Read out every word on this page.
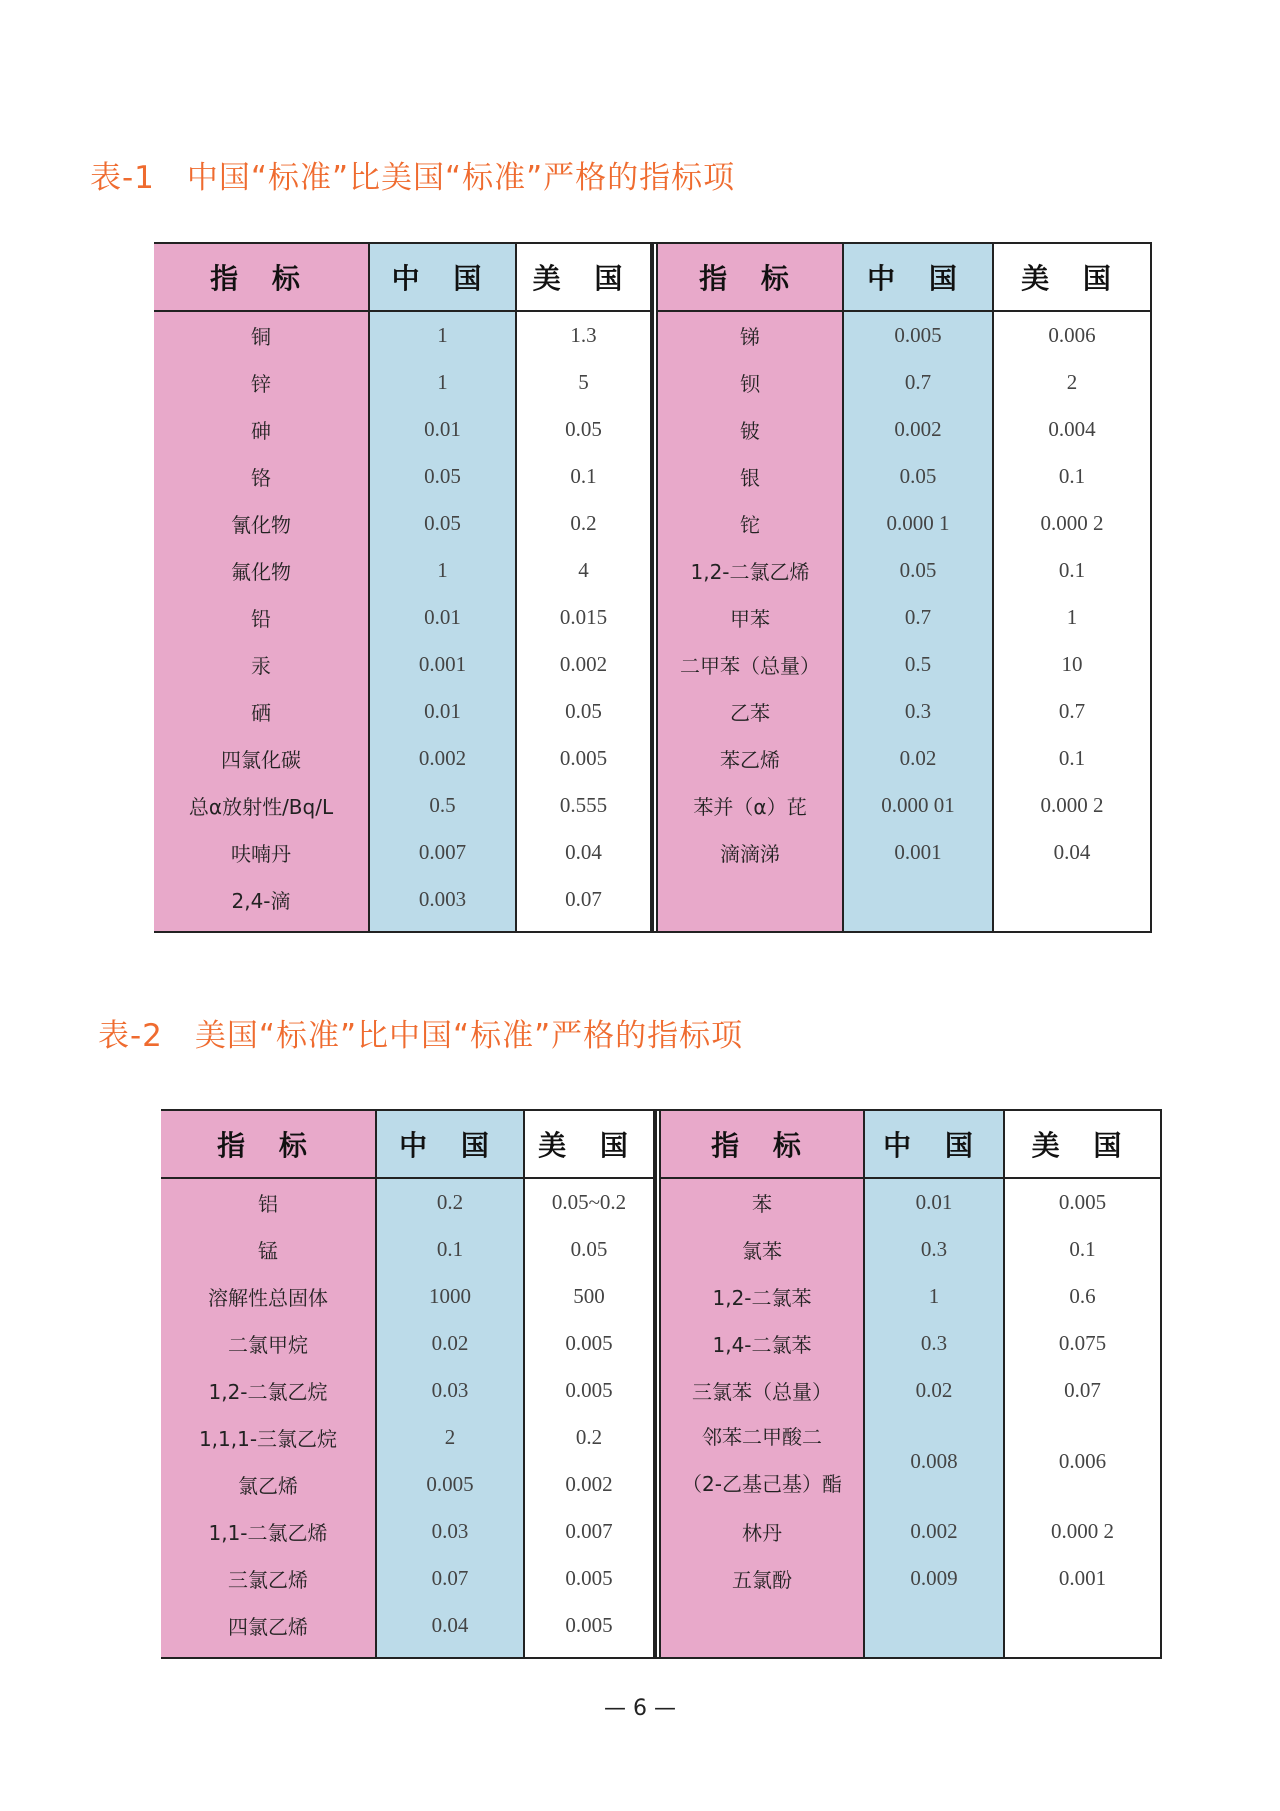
表-1　中国“标准”比美国“标准”严格的指标项
指 标
铜
锌
砷
铬
氰化物
氟化物
铅
汞
硒
四氯化碳
总α放射性/Bq/L
呋喃丹
2,4-滴
中 国
1
1
0.01
0.05
0.05
1
0.01
0.001
0.01
0.002
0.5
0.007
0.003
美 国
1.3
5
0.05
0.1
0.2
4
0.015
0.002
0.05
0.005
0.555
0.04
0.07
指 标
锑
钡
铍
银
铊
1,2-二氯乙烯
甲苯
二甲苯（总量）
乙苯
苯乙烯
苯并（α）芘
滴滴涕
中 国
0.005
0.7
0.002
0.05
0.000 1
0.05
0.7
0.5
0.3
0.02
0.000 01
0.001
美 国
0.006
2
0.004
0.1
0.000 2
0.1
1
10
0.7
0.1
0.000 2
0.04
表-2　美国“标准”比中国“标准”严格的指标项
指 标
铝
锰
溶解性总固体
二氯甲烷
1,2-二氯乙烷
1,1,1-三氯乙烷
氯乙烯
1,1-二氯乙烯
三氯乙烯
四氯乙烯
中 国
0.2
0.1
1000
0.02
0.03
2
0.005
0.03
0.07
0.04
美 国
0.05~0.2
0.05
500
0.005
0.005
0.2
0.002
0.007
0.005
0.005
指 标
苯
氯苯
1,2-二氯苯
1,4-二氯苯
三氯苯（总量）
邻苯二甲酸二
（2-乙基己基）酯
林丹
五氯酚
中 国
0.01
0.3
1
0.3
0.02
0.008
0.002
0.009
美 国
0.005
0.1
0.6
0.075
0.07
0.006
0.000 2
0.001
— 6 —
